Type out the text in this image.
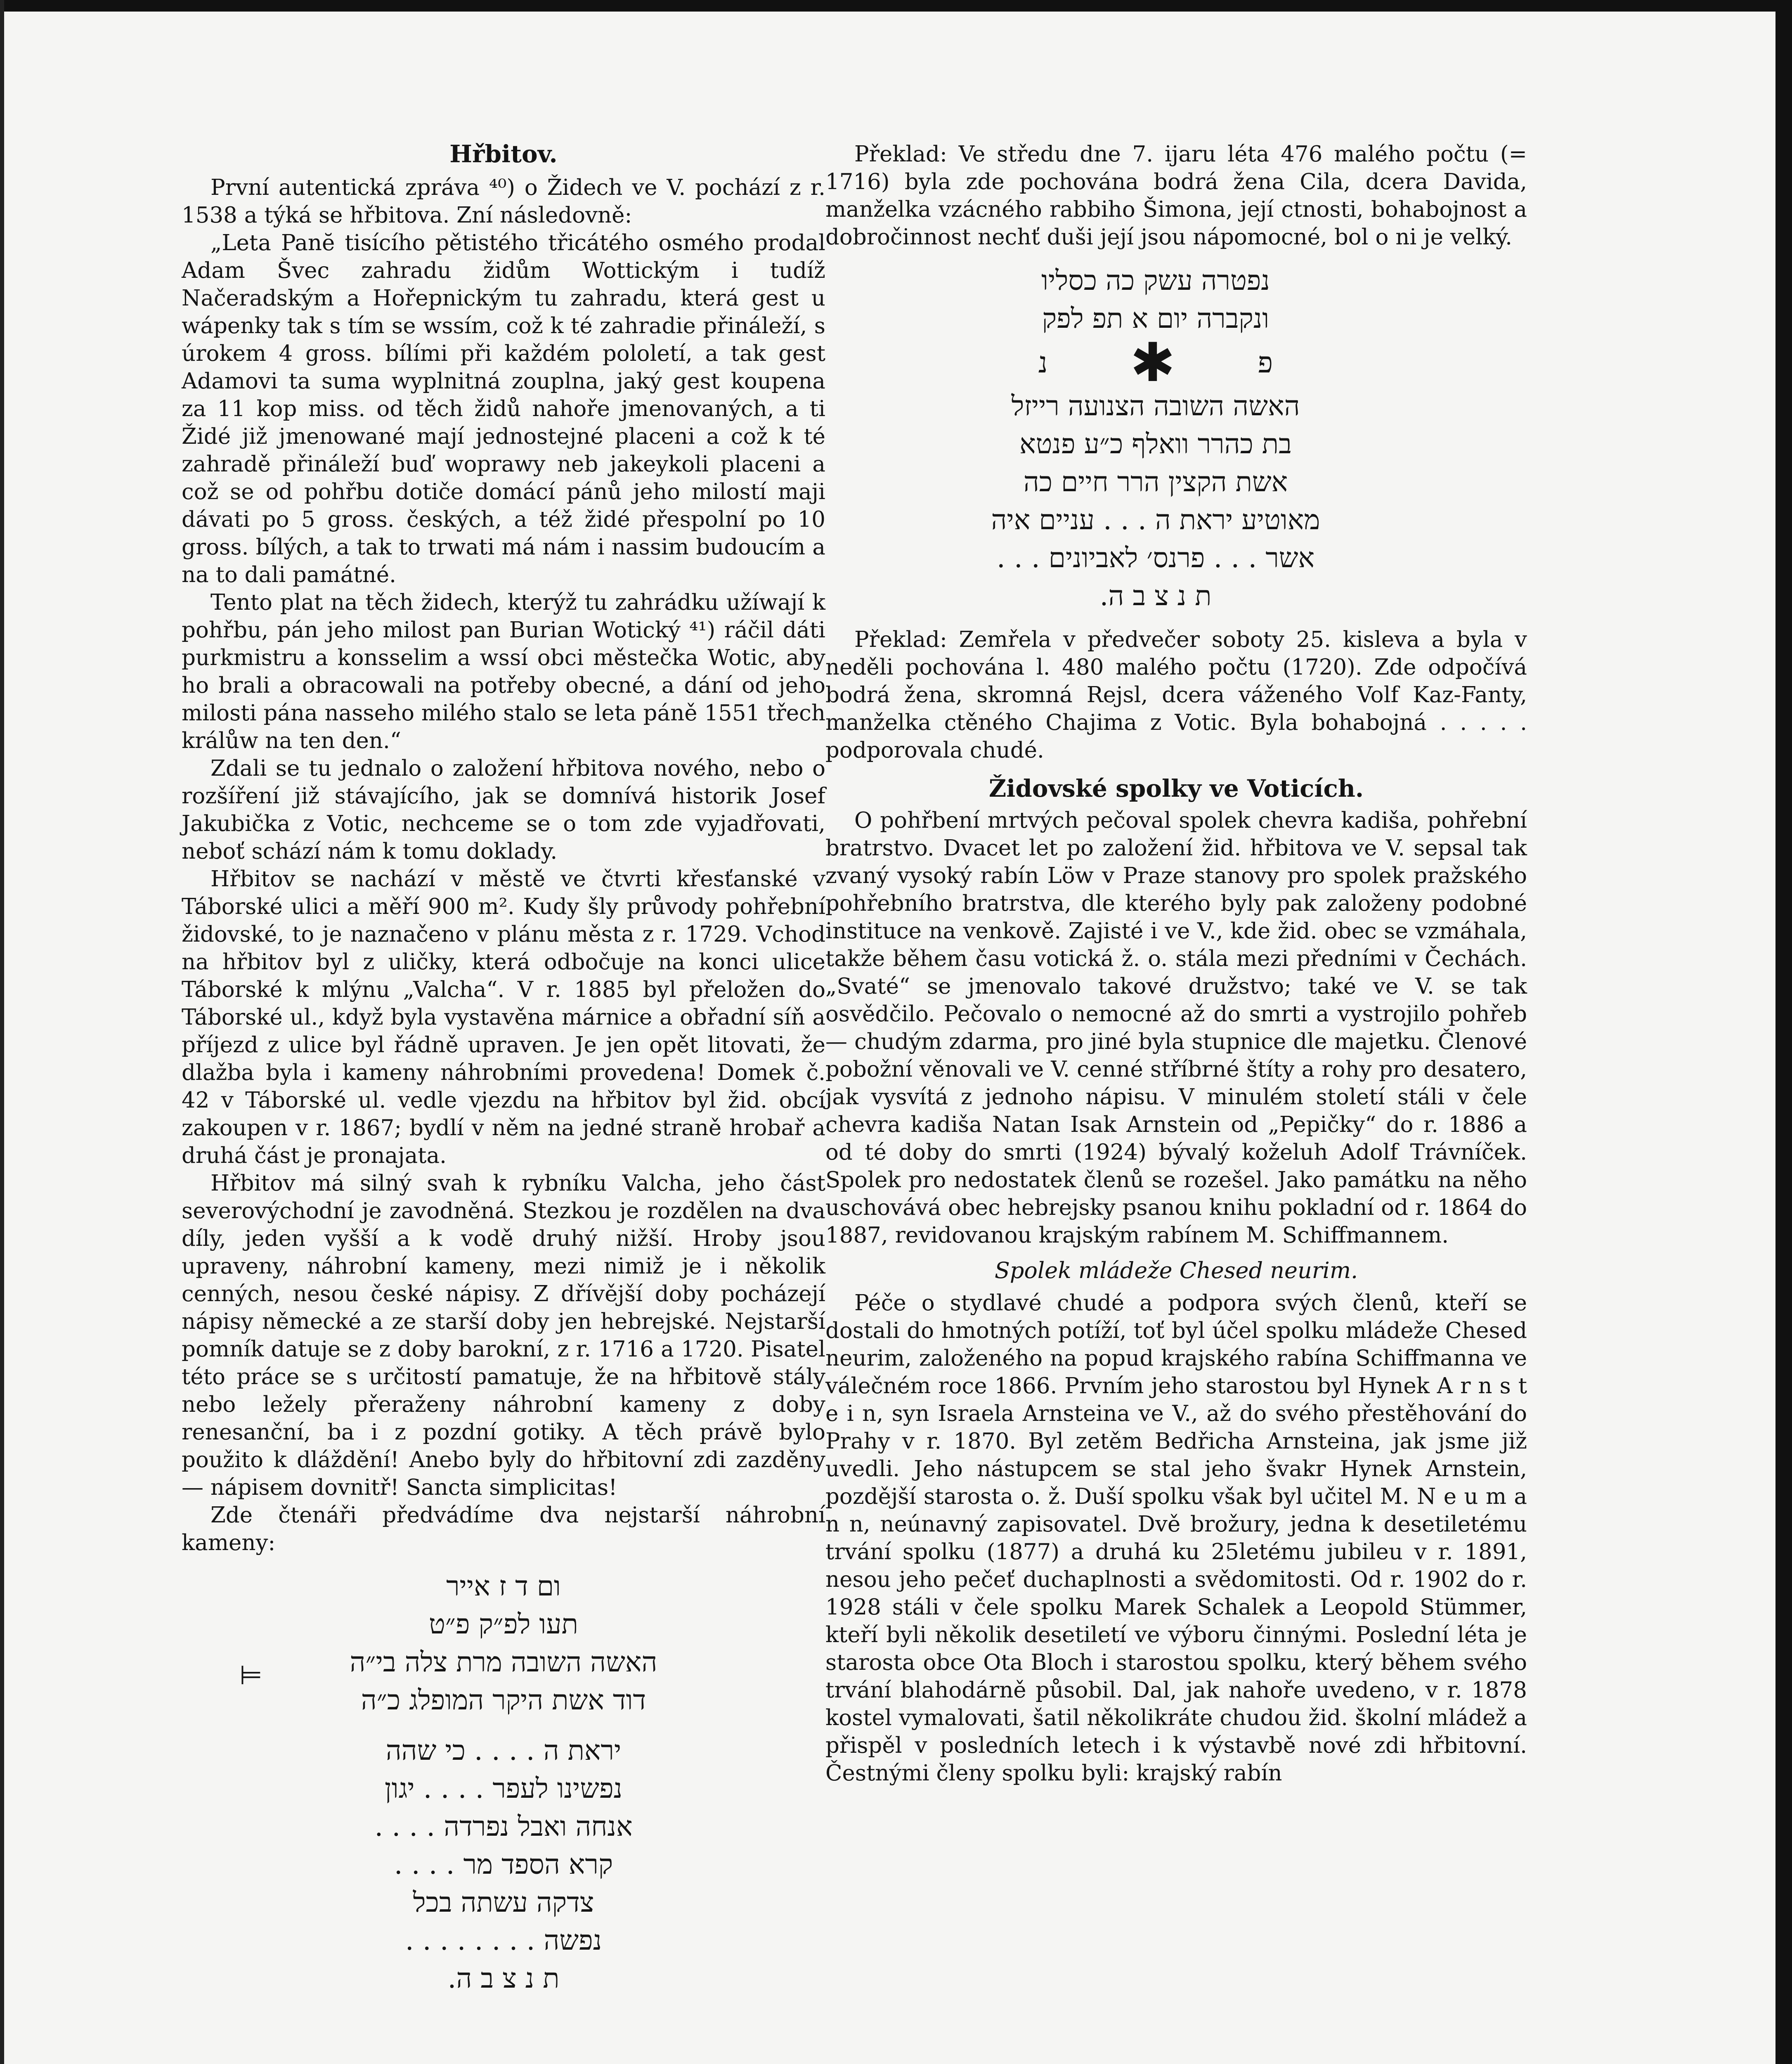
Hřbitov.

První autentická zpráva ⁴⁰) o Židech ve V. pochází z r. 1538 a týká se hřbitova. Zní následovně:

„Leta Panĕ tisícího pětistého třicátého osmého prodal Adam Švec zahradu židům Wottickým i tudíž Načeradským a Hořepnickým tu zahradu, která gest u wápenky tak s tím se wssím, což k té zahradie přináleží, s úrokem 4 gross. bílími při každém pololetí, a tak gest Adamovi ta suma wyplnitná zouplna, jaký gest koupena za 11 kop miss. od těch židů nahoře jmenovaných, a ti Židé již jmenowané mají jednostejné placeni a což k té zahradě přináleží buď woprawy neb jakeykoli placeni a což se od pohřbu dotiče domácí pánů jeho milostí maji dávati po 5 gross. českých, a též židé přespolní po 10 gross. bílých, a tak to trwati má nám i nassim budoucím a na to dali památné.

Tento plat na těch židech, kterýž tu zahrádku užíwají k pohřbu, pán jeho milost pan Burian Wotický ⁴¹) ráčil dáti purkmistru a konsselim a wssí obci městečka Wotic, aby ho brali a obracowali na potřeby obecné, a dání od jeho milosti pána nasseho milého stalo se leta páně 1551 třech králůw na ten den.“

Zdali se tu jednalo o založení hřbitova nového, nebo o rozšíření již stávajícího, jak se domnívá historik Josef Jakubička z Votic, nechceme se o tom zde vyjadřovati, neboť schází nám k tomu doklady.

Hřbitov se nachází v městě ve čtvrti křesťanské v Táborské ulici a měří 900 m². Kudy šly průvody pohřební židovské, to je naznačeno v plánu města z r. 1729. Vchod na hřbitov byl z uličky, která odbočuje na konci ulice Táborské k mlýnu „Valcha“. V r. 1885 byl přeložen do Táborské ul., když byla vystavěna márnice a obřadní síň a příjezd z ulice byl řádně upraven. Je jen opět litovati, že dlažba byla i kameny náhrobními provedena! Domek č. 42 v Táborské ul. vedle vjezdu na hřbitov byl žid. obcí zakoupen v r. 1867; bydlí v něm na jedné straně hrobař a druhá část je pronajata.

Hřbitov má silný svah k rybníku Valcha, jeho část severovýchodní je zavodněná. Stezkou je rozdělen na dva díly, jeden vyšší a k vodě druhý nižší. Hroby jsou upraveny, náhrobní kameny, mezi nimiž je i několik cenných, nesou české nápisy. Z dřívější doby pocházejí nápisy německé a ze starší doby jen hebrejské. Nejstarší pomník datuje se z doby barokní, z r. 1716 a 1720. Pisatel této práce se s určitostí pamatuje, že na hřbitově stály nebo ležely přeraženy náhrobní kameny z doby renesanční, ba i z pozdní gotiky. A těch právě bylo použito k dláždění! Anebo byly do hřbitovní zdi zazděny — nápisem dovnitř! Sancta simplicitas!

Zde čtenáři předvádíme dva nejstarší náhrobní kameny:

⊨
ום ד ז אייר
תעו לפ״ק פ״ט
האשה השובה מרת צלה בי״ה
דוד אשת היקר המופלג כ״ה
יראת ה . . . . כי שהה
נפשינו לעפר . . . . יגון
אנחה ואבל נפרדה . . . .
קרא הספד מר . . . .
צדקה עשתה בכל
נפשה . . . . . . . .
ת נ צ ב ה.

Překlad: Ve středu dne 7. ijaru léta 476 malého počtu (= 1716) byla zde pochována bodrá žena Cila, dcera Davida, manželka vzácného rabbiho Šimona, její ctnosti, bohabojnost a dobročinnost nechť duši její jsou nápomocné, bol o ni je velký.

נפטרה עשק כה כסליו
ונקברה יום א תפ לפק
נ ✱	פ
האשה השובה הצנועה רייזל
בת כהרר וואלף כ״ע פנטא
אשת הקצין הרר חיים כה
מאוטיע יראת ה . . . עניים איה
אשר . . . פרנס׳ לאביונים . . .
ת נ צ ב ה.

Překlad: Zemřela v předvečer soboty 25. kisleva a byla v neděli pochována l. 480 malého počtu (1720). Zde odpočívá bodrá žena, skromná Rejsl, dcera váženého Volf Kaz-Fanty, manželka ctěného Chajima z Votic. Byla bohabojná . . . . . podporovala chudé.

Židovské spolky ve Voticích.

O pohřbení mrtvých pečoval spolek chevra kadiša, pohřební bratrstvo. Dvacet let po založení žid. hřbitova ve V. sepsal tak zvaný vysoký rabín Löw v Praze stanovy pro spolek pražského pohřebního bratrstva, dle kterého byly pak založeny podobné instituce na venkově. Zajisté i ve V., kde žid. obec se vzmáhala, takže během času votická ž. o. stála mezi předními v Čechách. „Svaté“ se jmenovalo takové družstvo; také ve V. se tak osvědčilo. Pečovalo o nemocné až do smrti a vystrojilo pohřeb — chudým zdarma, pro jiné byla stupnice dle majetku. Členové pobožní věnovali ve V. cenné stříbrné štíty a rohy pro desatero, jak vysvítá z jednoho nápisu. V minulém století stáli v čele chevra kadiša Natan Isak Arnstein od „Pepičky“ do r. 1886 a od té doby do smrti (1924) bývalý koželuh Adolf Trávníček. Spolek pro nedostatek členů se rozešel. Jako památku na něho uschovává obec hebrejsky psanou knihu pokladní od r. 1864 do 1887, revidovanou krajským rabínem M. Schiffmannem.

Spolek mládeže Chesed neurim.

Péče o stydlavé chudé a podpora svých členů, kteří se dostali do hmotných potíží, toť byl účel spolku mládeže Chesed neurim, založeného na popud krajského rabína Schiffmanna ve válečném roce 1866. Prvním jeho starostou byl Hynek A r n s t e i n, syn Israela Arnsteina ve V., až do svého přestěhování do Prahy v r. 1870. Byl zetěm Bedřicha Arnsteina, jak jsme již uvedli. Jeho nástupcem se stal jeho švakr Hynek Arnstein, pozdější starosta o. ž. Duší spolku však byl učitel M. N e u m a n n, neúnavný zapisovatel. Dvě brožury, jedna k desetiletému trvání spolku (1877) a druhá ku 25letému jubileu v r. 1891, nesou jeho pečeť duchaplnosti a svědomitosti. Od r. 1902 do r. 1928 stáli v čele spolku Marek Schalek a Leopold Stümmer, kteří byli několik desetiletí ve výboru činnými. Poslední léta je starosta obce Ota Bloch i starostou spolku, který během svého trvání blahodárně působil. Dal, jak nahoře uvedeno, v r. 1878 kostel vymalovati, šatil několikráte chudou žid. školní mládež a přispěl v posledních letech i k výstavbě nové zdi hřbitovní. Čestnými členy spolku byli: krajský rabín
